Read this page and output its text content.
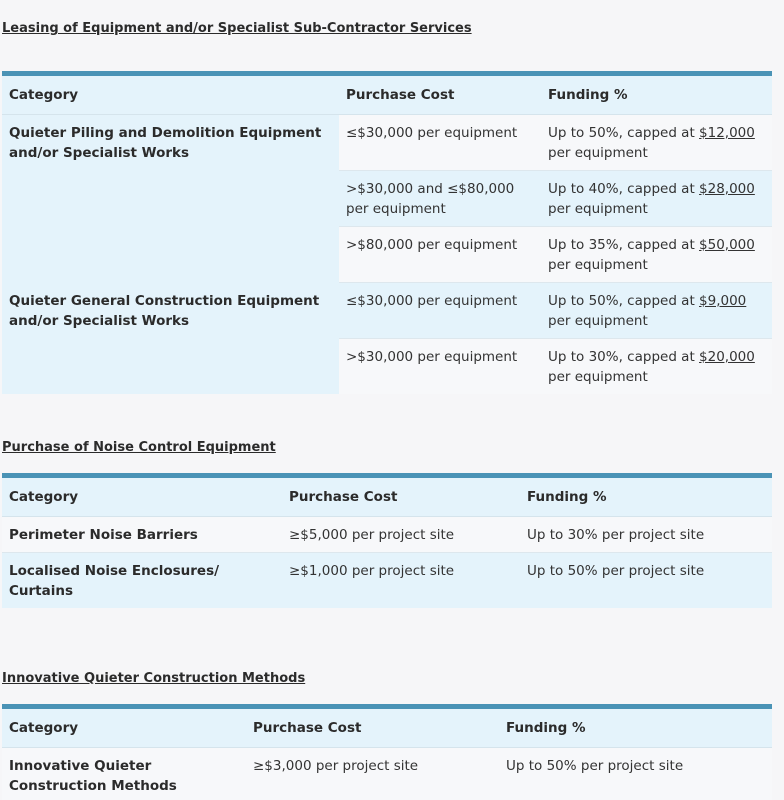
Leasing of Equipment and/or Specialist Sub-Contractor Services
Category	Purchase Cost	Funding %
Quieter Piling and Demolition Equipment and/or Specialist Works	≤$30,000 per equipment	Up to 50%, capped at $12,000 per equipment
	>$30,000 and ≤$80,000 per equipment	Up to 40%, capped at $28,000 per equipment
	>$80,000 per equipment	Up to 35%, capped at $50,000 per equipment
Quieter General Construction Equipment and/or Specialist Works	≤$30,000 per equipment	Up to 50%, capped at $9,000 per equipment
	>$30,000 per equipment	Up to 30%, capped at $20,000 per equipment
Purchase of Noise Control Equipment
Category	Purchase Cost	Funding %
Perimeter Noise Barriers	≥$5,000 per project site	Up to 30% per project site
Localised Noise Enclosures/ Curtains	≥$1,000 per project site	Up to 50% per project site
Innovative Quieter Construction Methods
Category	Purchase Cost	Funding %
Innovative Quieter Construction Methods	≥$3,000 per project site	Up to 50% per project site
